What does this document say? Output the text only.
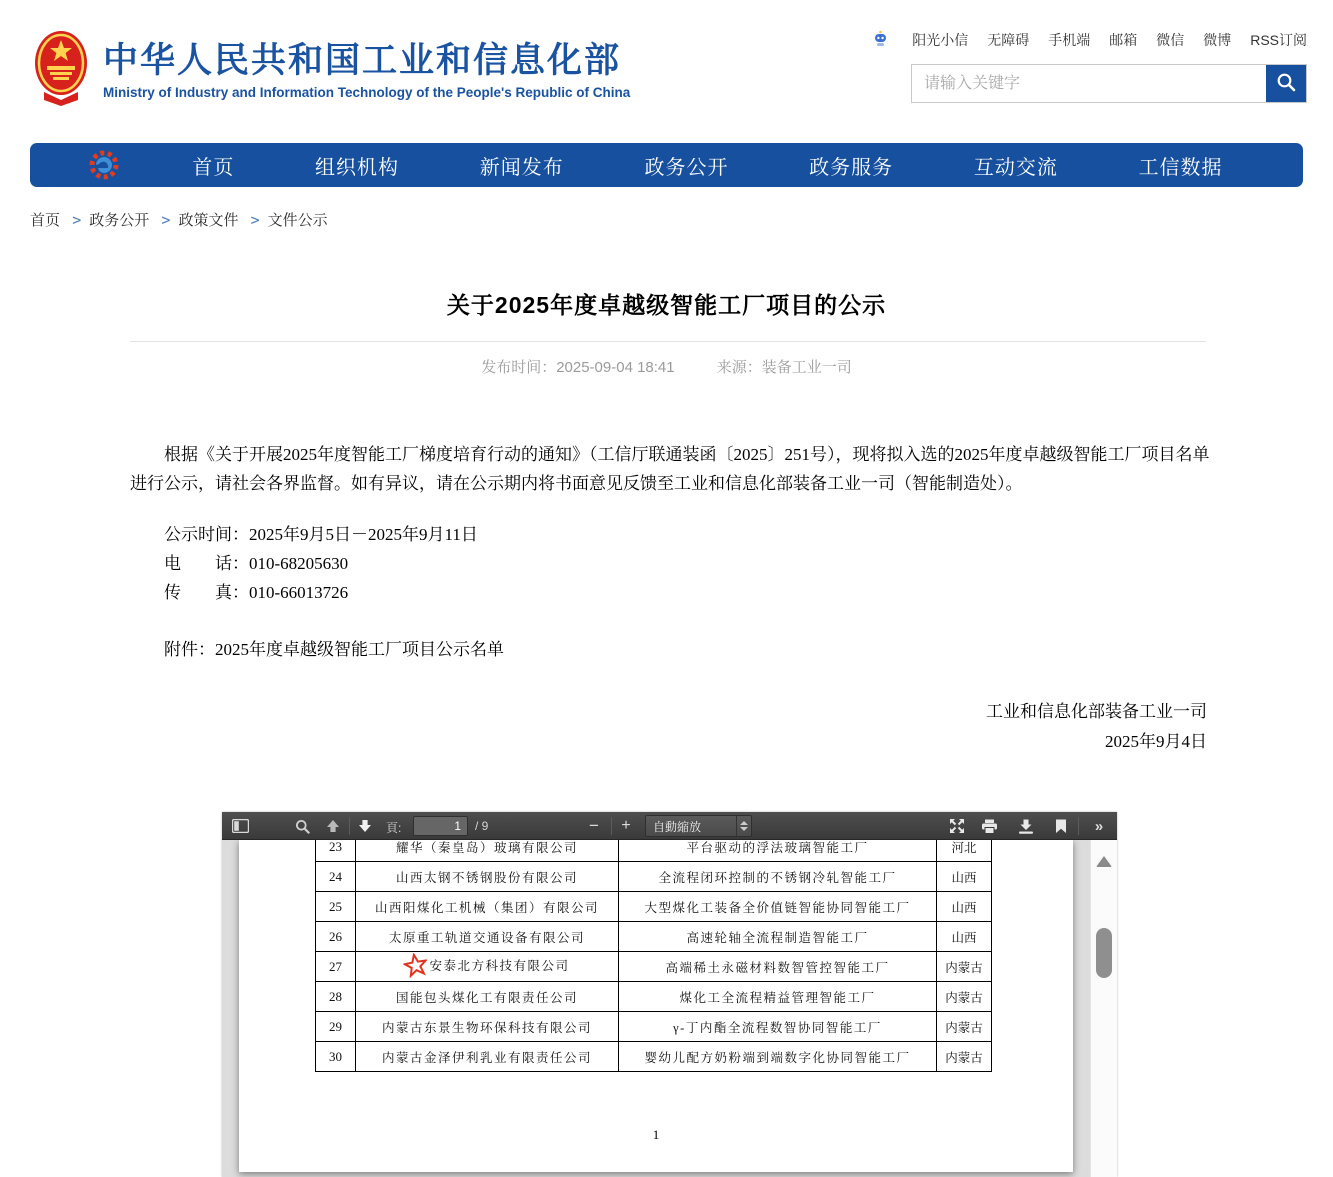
中华人民共和国工业和信息化部
Ministry of Industry and Information Technology of the People's Republic of China
阳光小信 无障碍 手机端 邮箱 微信 微博 RSS订阅
请输入关键字
首页	组织机构	新闻发布	政务公开	政务服务	互动交流	工信数据
首页 > 政务公开 > 政策文件 > 文件公示
关于2025年度卓越级智能工厂项目的公示
发布时间：2025-09-04 18:41	来源：装备工业一司

根据《关于开展2025年度智能工厂梯度培育行动的通知》（工信厅联通装函〔2025〕251号），现将拟入选的2025年度卓越级智能工厂项目名单进行公示，请社会各界监督。如有异议，请在公示期内将书面意见反馈至工业和信息化部装备工业一司（智能制造处）。

公示时间：2025年9月5日－2025年9月11日
电　　话：010-68205630
传　　真：010-66013726
附件：2025年度卓越级智能工厂项目公示名单
工业和信息化部装备工业一司
2025年9月4日
頁:
1	/ 9	−	+	自動縮放	»
23	耀华（秦皇岛）玻璃有限公司	平台驱动的浮法玻璃智能工厂	河北
24	山西太钢不锈钢股份有限公司	全流程闭环控制的不锈钢冷轧智能工厂	山西
25	山西阳煤化工机械（集团）有限公司	大型煤化工装备全价值链智能协同智能工厂	山西
26	太原重工轨道交通设备有限公司	高速轮轴全流程制造智能工厂	山西
27	安泰北方科技有限公司	高端稀土永磁材料数智管控智能工厂	内蒙古
28	国能包头煤化工有限责任公司	煤化工全流程精益管理智能工厂	内蒙古
29	内蒙古东景生物环保科技有限公司	γ-丁内酯全流程数智协同智能工厂	内蒙古
30	内蒙古金泽伊利乳业有限责任公司	婴幼儿配方奶粉端到端数字化协同智能工厂	内蒙古
1
